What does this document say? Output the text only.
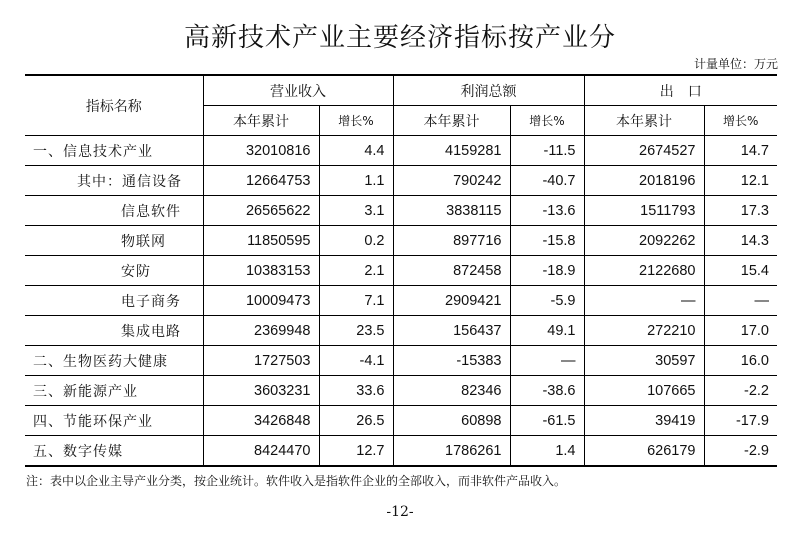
高新技术产业主要经济指标按产业分
计量单位：万元
指标名称	营业收入		利润总额		出　口	
	本年累计	增长%	本年累计	增长%	本年累计	增长%
一、信息技术产业	32010816	4.4	4159281	-11.5	2674527	14.7
其中：通信设备	12664753	1.1	790242	-40.7	2018196	12.1
信息软件	26565622	3.1	3838115	-13.6	1511793	17.3
物联网	11850595	0.2	897716	-15.8	2092262	14.3
安防	10383153	2.1	872458	-18.9	2122680	15.4
电子商务	10009473	7.1	2909421	-5.9	—	—
集成电路	2369948	23.5	156437	49.1	272210	17.0
二、生物医药大健康	1727503	-4.1	-15383	—	30597	16.0
三、新能源产业	3603231	33.6	82346	-38.6	107665	-2.2
四、节能环保产业	3426848	26.5	60898	-61.5	39419	-17.9
五、数字传媒	8424470	12.7	1786261	1.4	626179	-2.9
注：表中以企业主导产业分类，按企业统计。软件收入是指软件企业的全部收入，而非软件产品收入。
-12-
